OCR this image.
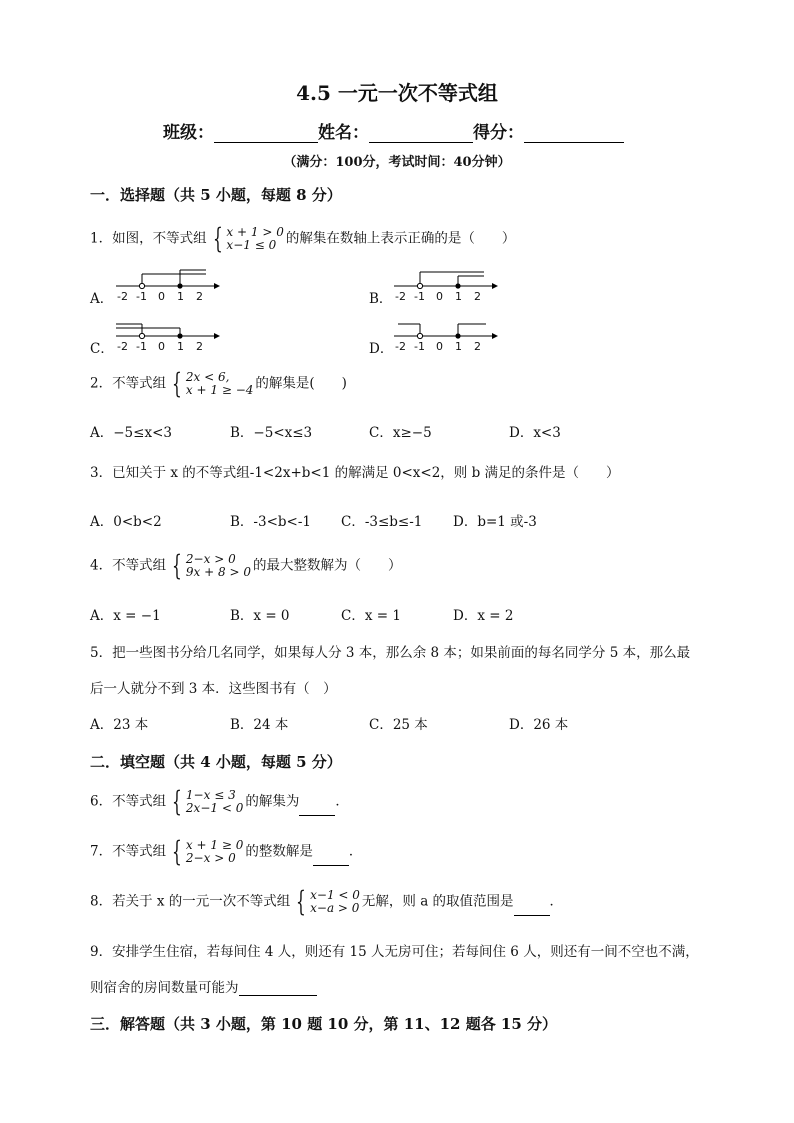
4.5 一元一次不等式组
班级：	姓名：	得分：
（满分：100分，考试时间：40分钟）
一．选择题（共 5 小题，每题 8 分）
1．如图，不等式组 { x + 1 > 0
x−1 ≤ 0 的解集在数轴上表示正确的是（　　）
A． -2 -1 0 1 2	B． -2 -1 0 1 2
C． -2 -1 0 1 2	D． -2 -1 0 1 2
2．不等式组 { 2x < 6,
x + 1 ≥ −4 的解集是(　　)
A．−5≤x<3	B．−5<x≤3	C．x≥−5	D．x<3
3．已知关于 x 的不等式组-1<2x+b<1 的解满足 0<x<2，则 b 满足的条件是（　　）
A．0<b<2	B．-3<b<-1 C．-3≤b≤-1 D．b=1 或-3
4．不等式组 { 2−x > 0
9x + 8 > 0 的最大整数解为（　　）
A．x = −1	B．x = 0	C．x = 1	D．x = 2
5．把一些图书分给几名同学，如果每人分 3 本，那么余 8 本；如果前面的每名同学分 5 本，那么最
后一人就分不到 3 本．这些图书有（　）
A．23 本	B．24 本	C．25 本	D．26 本
二．填空题（共 4 小题，每题 5 分）
6．不等式组 { 1−x ≤ 3
2x−1 < 0 的解集为	．
7．不等式组 { x + 1 ≥ 0
2−x > 0 的整数解是	．
8．若关于 x 的一元一次不等式组 { x−1 < 0
x−a > 0 无解，则 a 的取值范围是	．
9．安排学生住宿，若每间住 4 人，则还有 15 人无房可住；若每间住 6 人，则还有一间不空也不满，
则宿舍的房间数量可能为
三．解答题（共 3 小题，第 10 题 10 分，第 11、12 题各 15 分）
